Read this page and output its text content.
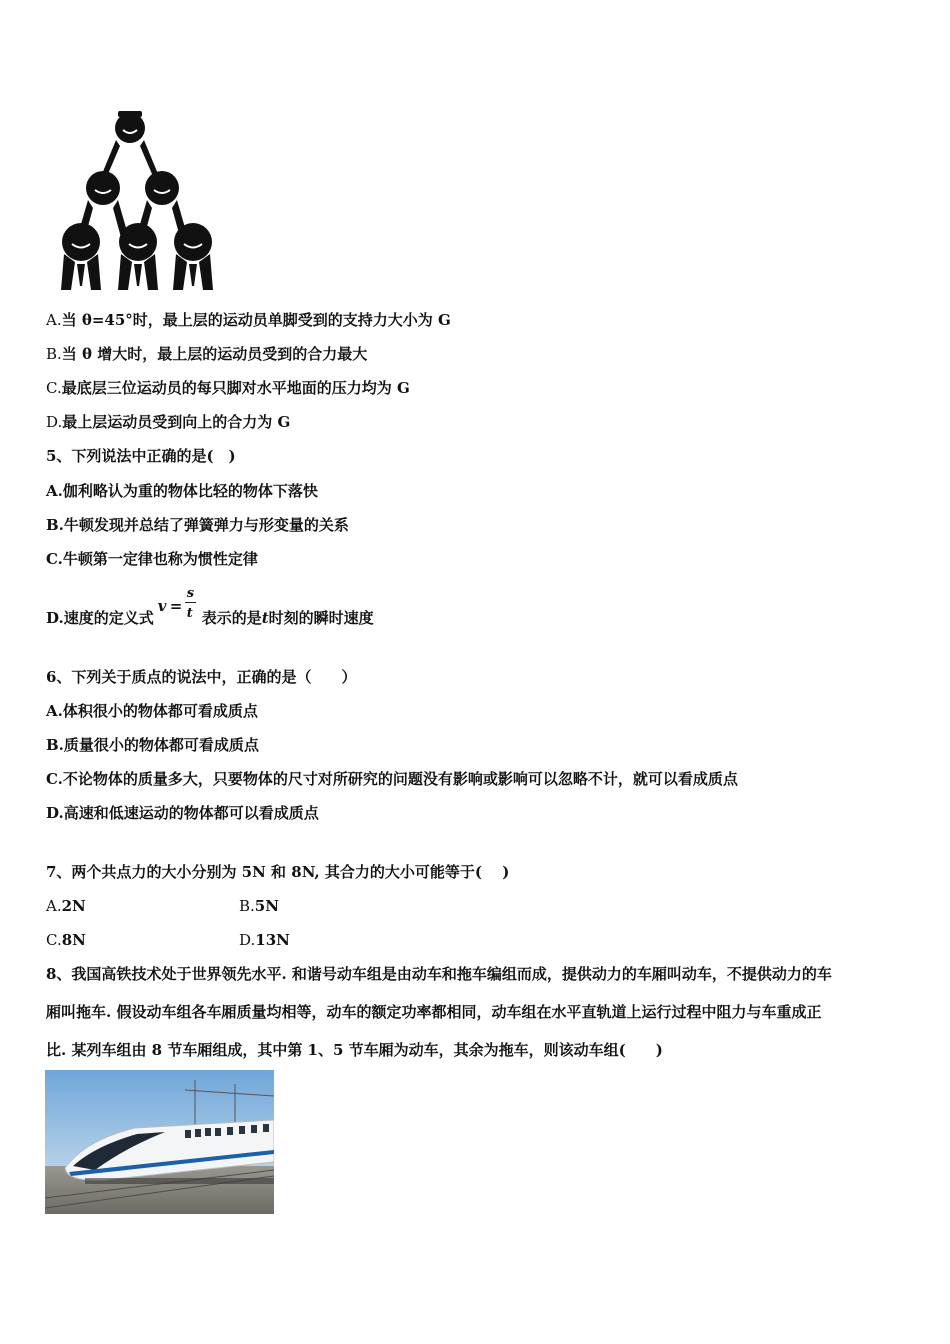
A.当 θ=45°时，最上层的运动员单脚受到的支持力大小为 G
B.当 θ 增大时，最上层的运动员受到的合力最大
C.最底层三位运动员的每只脚对水平地面的压力均为 G
D.最上层运动员受到向上的合力为 G
5、下列说法中正确的是(　)
A.伽利略认为重的物体比轻的物体下落快
B.牛顿发现并总结了弹簧弹力与形变量的关系
C.牛顿第一定律也称为惯性定律
D.速度的定义式
v =
s
t 表示的是t时刻的瞬时速度
6、下列关于质点的说法中，正确的是（　　）
A.体积很小的物体都可看成质点
B.质量很小的物体都可看成质点
C.不论物体的质量多大，只要物体的尺寸对所研究的问题没有影响或影响可以忽略不计，就可以看成质点
D.高速和低速运动的物体都可以看成质点
7、两个共点力的大小分别为 5N 和 8N, 其合力的大小可能等于(　 )
A.2N	B.5N
C.8N	D.13N
8、我国高铁技术处于世界领先水平. 和谐号动车组是由动车和拖车编组而成，提供动力的车厢叫动车，不提供动力的车
厢叫拖车. 假设动车组各车厢质量均相等，动车的额定功率都相同，动车组在水平直轨道上运行过程中阻力与车重成正
比. 某列车组由 8 节车厢组成，其中第 1、5 节车厢为动车，其余为拖车，则该动车组(　　)
